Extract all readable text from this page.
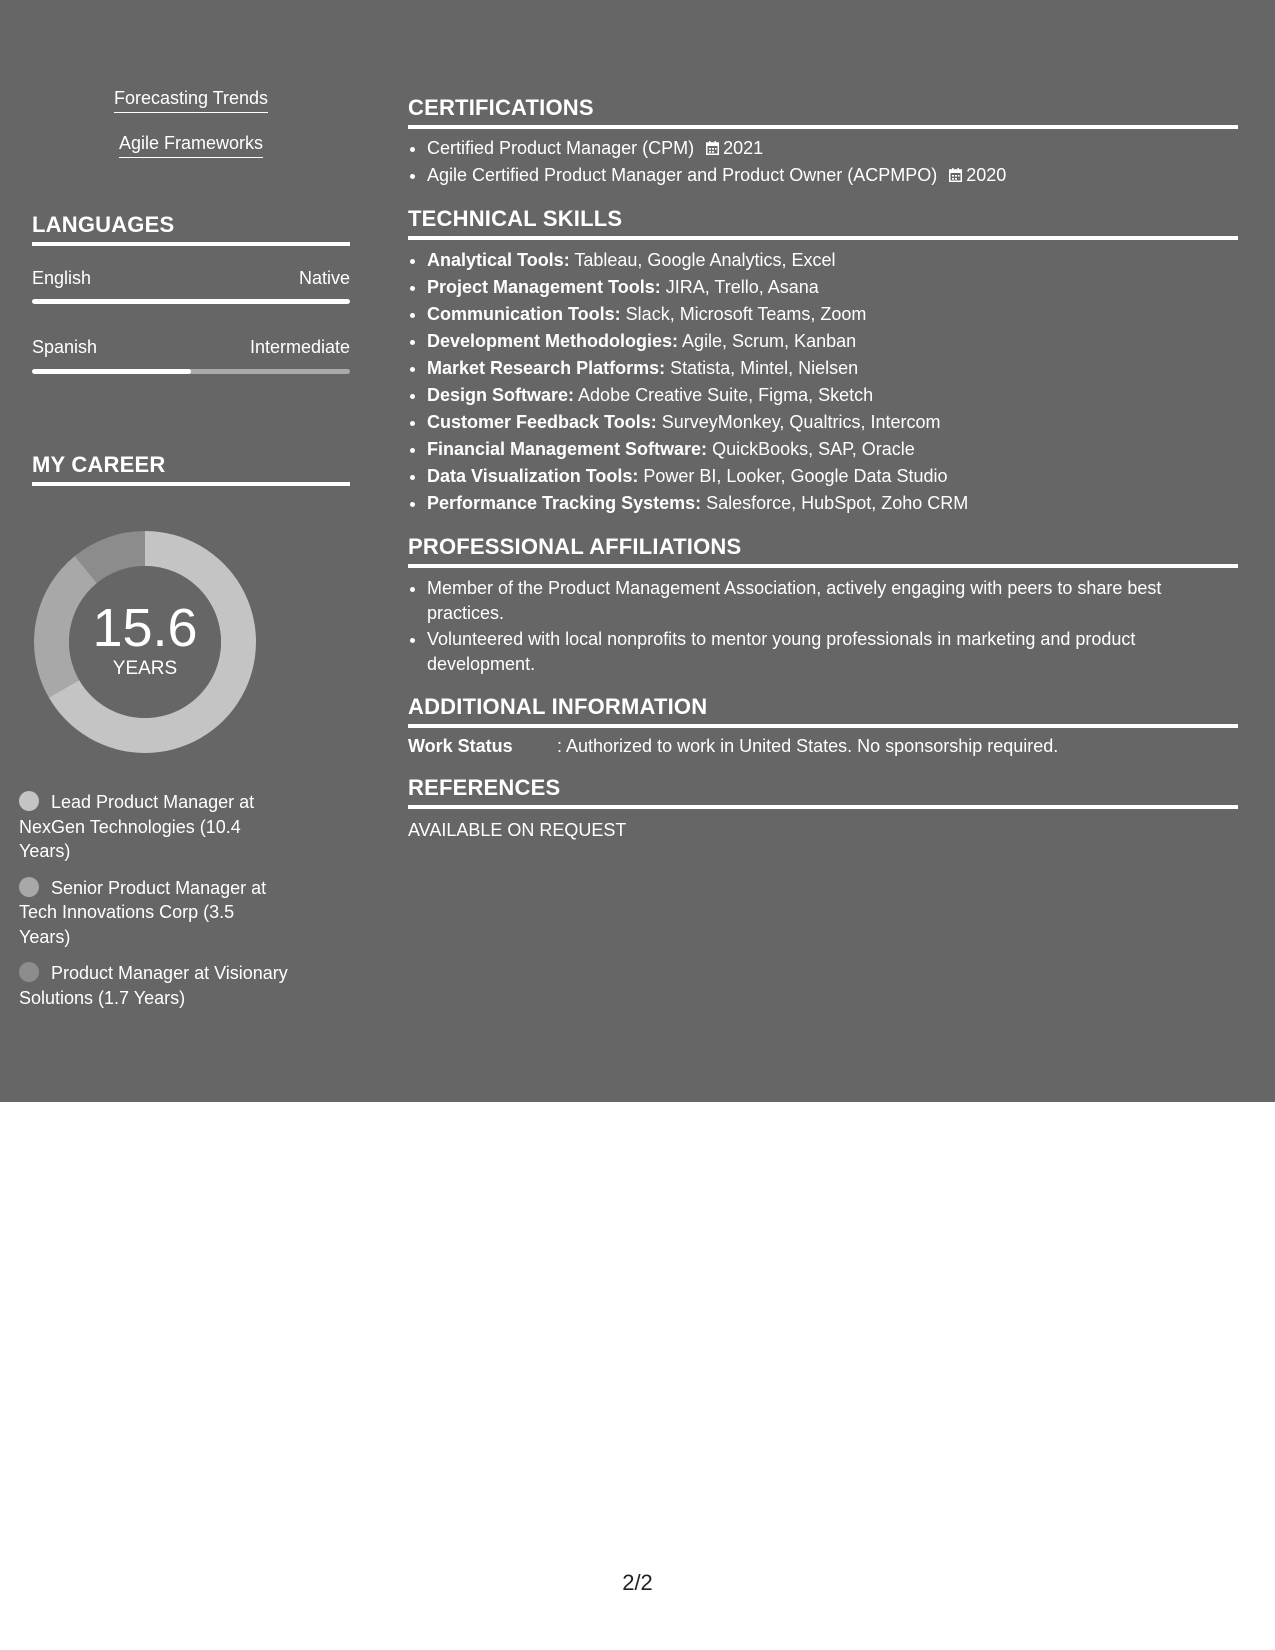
Forecasting Trends
Agile Frameworks
LANGUAGES
English	Native
Spanish	Intermediate
MY CAREER
15.6
YEARS
Lead Product Manager at NexGen Technologies (10.4 Years)
Senior Product Manager at Tech Innovations Corp (3.5 Years)
Product Manager at Visionary Solutions (1.7 Years)
CERTIFICATIONS
• Certified Product Manager (CPM) 2021
• Agile Certified Product Manager and Product Owner (ACPMPO) 2020
TECHNICAL SKILLS
• Analytical Tools: Tableau, Google Analytics, Excel
• Project Management Tools: JIRA, Trello, Asana
• Communication Tools: Slack, Microsoft Teams, Zoom
• Development Methodologies: Agile, Scrum, Kanban
• Market Research Platforms: Statista, Mintel, Nielsen
• Design Software: Adobe Creative Suite, Figma, Sketch
• Customer Feedback Tools: SurveyMonkey, Qualtrics, Intercom
• Financial Management Software: QuickBooks, SAP, Oracle
• Data Visualization Tools: Power BI, Looker, Google Data Studio
• Performance Tracking Systems: Salesforce, HubSpot, Zoho CRM
PROFESSIONAL AFFILIATIONS
• Member of the Product Management Association, actively engaging with peers to share best practices.
• Volunteered with local nonprofits to mentor young professionals in marketing and product development.
ADDITIONAL INFORMATION
Work Status : Authorized to work in United States. No sponsorship required.
REFERENCES
AVAILABLE ON REQUEST
2/2
